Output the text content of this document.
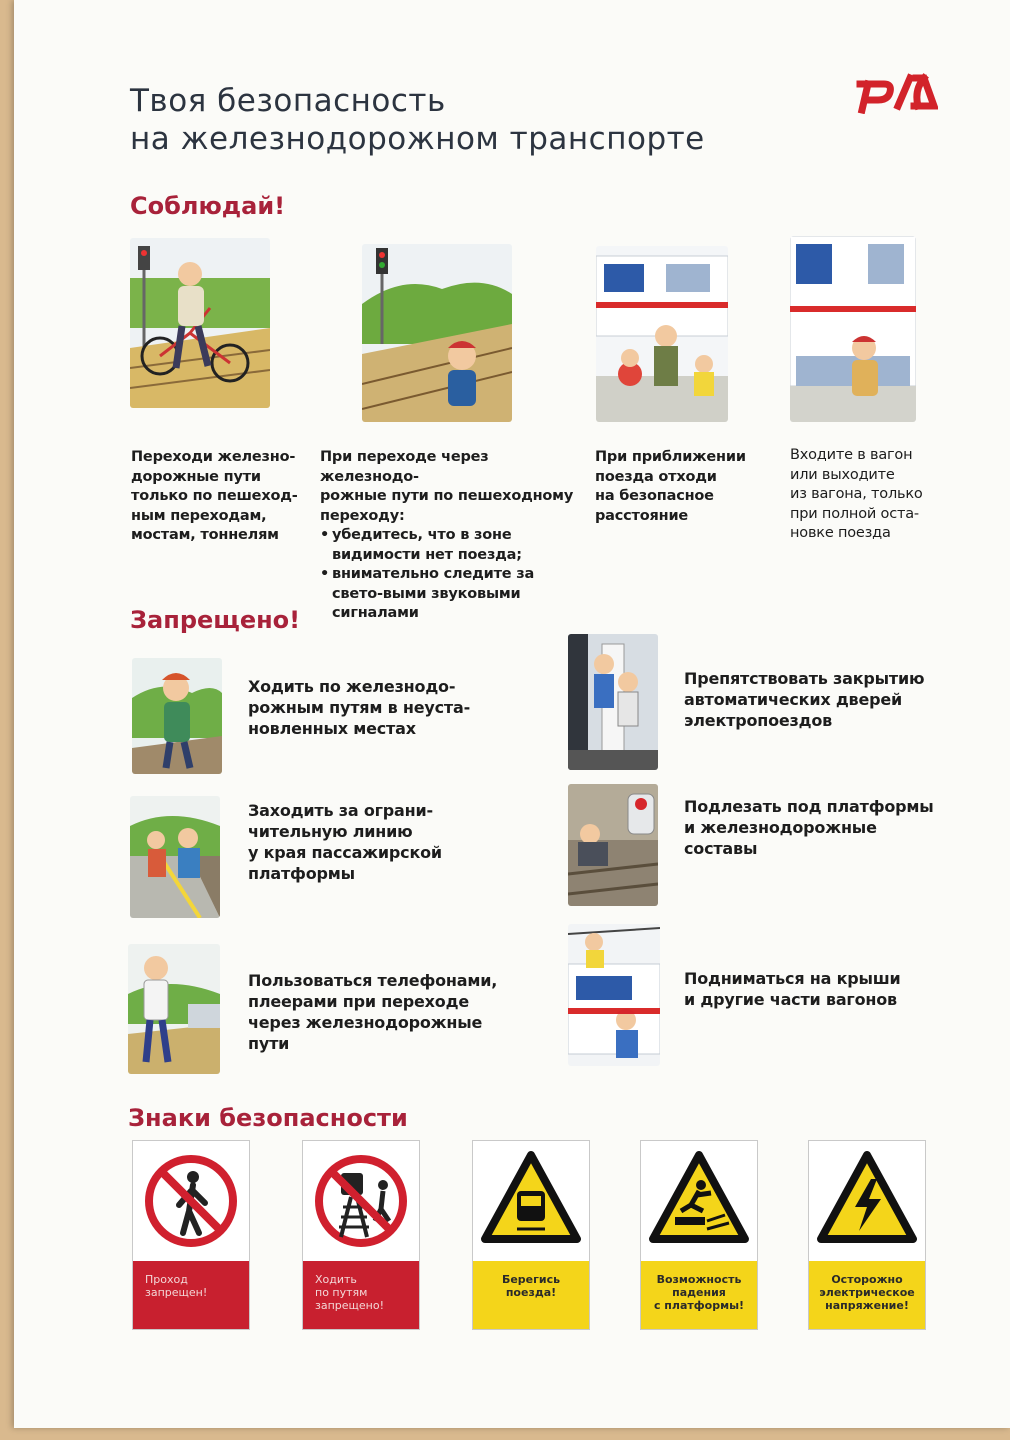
Твоя безопасность
на железнодорожном транспорте
Соблюдай!
Переходи железно-
дорожные пути
только по пешеход-
ным переходам,
мостам, тоннелям
При переходе через железнодо-
рожные пути по пешеходному
переходу:
• убедитесь, что в зоне видимости нет поезда;
• внимательно следите за свето-выми звуковыми сигналами
При приближении
поезда отходи
на безопасное
расстояние
Входите в вагон
или выходите
из вагона, только
при полной оста-
новке поезда
Запрещено!
Ходить по железнодо-
рожным путям в неуста-
новленных местах
Заходить за ограни-
чительную линию
у края пассажирской
платформы
Пользоваться телефонами,
плеерами при переходе
через железнодорожные
пути
Препятствовать закрытию
автоматических дверей
электропоездов
Подлезать под платформы
и железнодорожные
составы
Подниматься на крыши
и другие части вагонов
Знаки безопасности
Проход
запрещен!
Ходить
по путям
запрещено!
Берегись
поезда!
Возможность
падения
с платформы!
Осторожно
электрическое
напряжение!
